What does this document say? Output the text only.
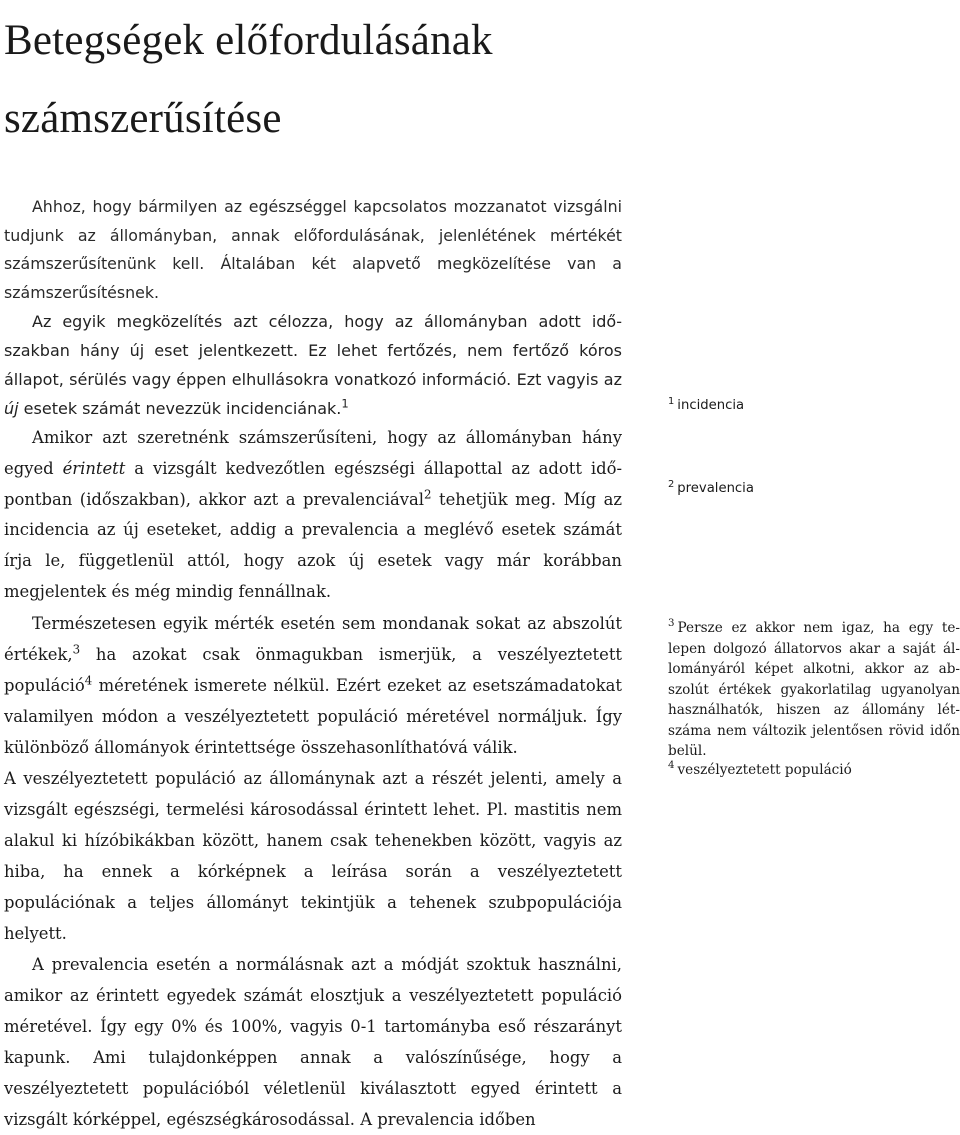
Betegségek előfordulásának
számszerűsítése

Ahhoz, hogy bármilyen az egészséggel kapcsolatos mozzanatot vizsgálni tudjunk az állományban, annak előfordulásának, jelenlétének mértékét számszerűsítenünk kell. Általában két alapvető megközelítése van a számszerűsítésnek.

Az egyik megközelítés azt célozza, hogy az állományban adott időszakban hány új eset jelentkezett. Ez lehet fertőzés, nem fertőző kóros állapot, sérülés vagy éppen elhullásokra vonatkozó információ. Ezt vagyis az új esetek számát nevezzük incidenciának.$^1$

Amikor azt szeretnénk számszerűsíteni, hogy az állományban hány egyed érintett a vizsgált kedvezőtlen egészségi állapottal az adott időpontban (időszakban), akkor azt a prevalenciával$^2$ tehetjük meg. Míg az incidencia az új eseteket, addig a prevalencia a meglévő esetek számát írja le, függetlenül attól, hogy azok új esetek vagy már korábban megjelentek és még mindig fennállnak.

Természetesen egyik mérték esetén sem mondanak sokat az abszolút értékek,$^3$ ha azokat csak önmagukban ismerjük, a veszélyeztetett populáció$^4$ méretének ismerete nélkül. Ezért ezeket az esetszámadatokat valamilyen módon a veszélyeztetett populáció méretével normáljuk. Így különböző állományok érintettsége összehasonlíthatóvá válik.

A veszélyeztetett populáció az állománynak azt a részét jelenti, amely a vizsgált egészségi, termelési károsodással érintett lehet. Pl. mastitis nem alakul ki hízóbikákban között, hanem csak tehenekben között, vagyis az hiba, ha ennek a kórképnek a leírása során a veszélyeztetett populációnak a teljes állományt tekintjük a tehenek szubpopulációja helyett.

A prevalencia esetén a normálásnak azt a módját szoktuk használni, amikor az érintett egyedek számát elosztjuk a veszélyeztetett populáció méretével. Így egy 0% és 100%, vagyis 0-1 tartományba eső részarányt kapunk. Ami tulajdonképpen annak a valószínűsége, hogy a veszélyeztetett populációból véletlenül kiválasztott egyed érintett a vizsgált kórképpel, egészségkárosodással. A prevalencia időben

$^1$ incidencia

$^2$ prevalencia

$^3$ Persze ez akkor nem igaz, ha egy telepen dolgozó állatorvos akar a saját állományáról képet alkotni, akkor az abszolút értékek gyakorlatilag ugyanolyan használhatók, hiszen az állomány létszáma nem változik jelentősen rövid időn belül.

$^4$ veszélyeztetett populáció
